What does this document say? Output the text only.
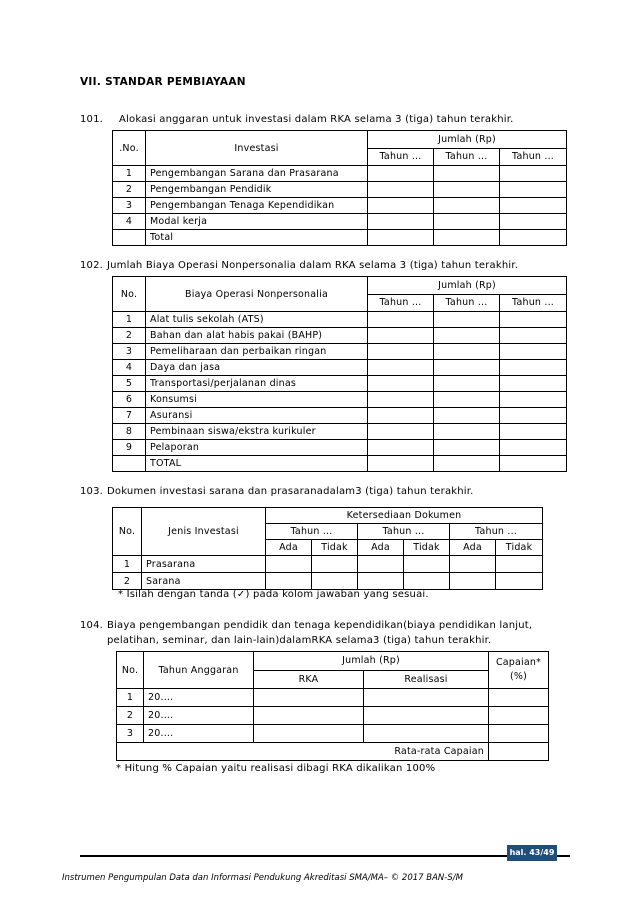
VII. STANDAR PEMBIAYAAN
101. Alokasi anggaran untuk investasi dalam RKA selama 3 (tiga) tahun terakhir.
.No.	Investasi	Jumlah (Rp)		
		Tahun ...	Tahun ...	Tahun ...
1	Pengembangan Sarana dan Prasarana			
2	Pengembangan Pendidik			
3	Pengembangan Tenaga Kependidikan			
4	Modal kerja			
	Total			
102. Jumlah Biaya Operasi Nonpersonalia dalam RKA selama 3 (tiga) tahun terakhir.
No.	Biaya Operasi Nonpersonalia	Jumlah (Rp)		
		Tahun ...	Tahun ...	Tahun ...
1	Alat tulis sekolah (ATS)			
2	Bahan dan alat habis pakai (BAHP)			
3	Pemeliharaan dan perbaikan ringan			
4	Daya dan jasa			
5	Transportasi/perjalanan dinas			
6	Konsumsi			
7	Asuransi			
8	Pembinaan siswa/ekstra kurikuler			
9	Pelaporan			
	TOTAL			
103. Dokumen investasi sarana dan prasaranadalam3 (tiga) tahun terakhir.
No.	Jenis Investasi	Ketersediaan Dokumen					
		Tahun ...		Tahun ...		Tahun ...	
		Ada	Tidak	Ada	Tidak	Ada	Tidak
1	Prasarana						
2	Sarana						
* Isilah dengan tanda (✓) pada kolom jawaban yang sesuai.
104. Biaya pengembangan pendidik dan tenaga kependidikan(biaya pendidikan lanjut,
pelatihan, seminar, dan lain-lain)dalamRKA selama3 (tiga) tahun terakhir.
No.	Tahun Anggaran	Jumlah (Rp)		Capaian*
(%)

		RKA	Realisasi	
1	20....			
2	20....			
3	20....			
Rata-rata Capaian				
* Hitung % Capaian yaitu realisasi dibagi RKA dikalikan 100%
hal. 43/49
Instrumen Pengumpulan Data dan Informasi Pendukung Akreditasi SMA/MA– © 2017 BAN-S/M
